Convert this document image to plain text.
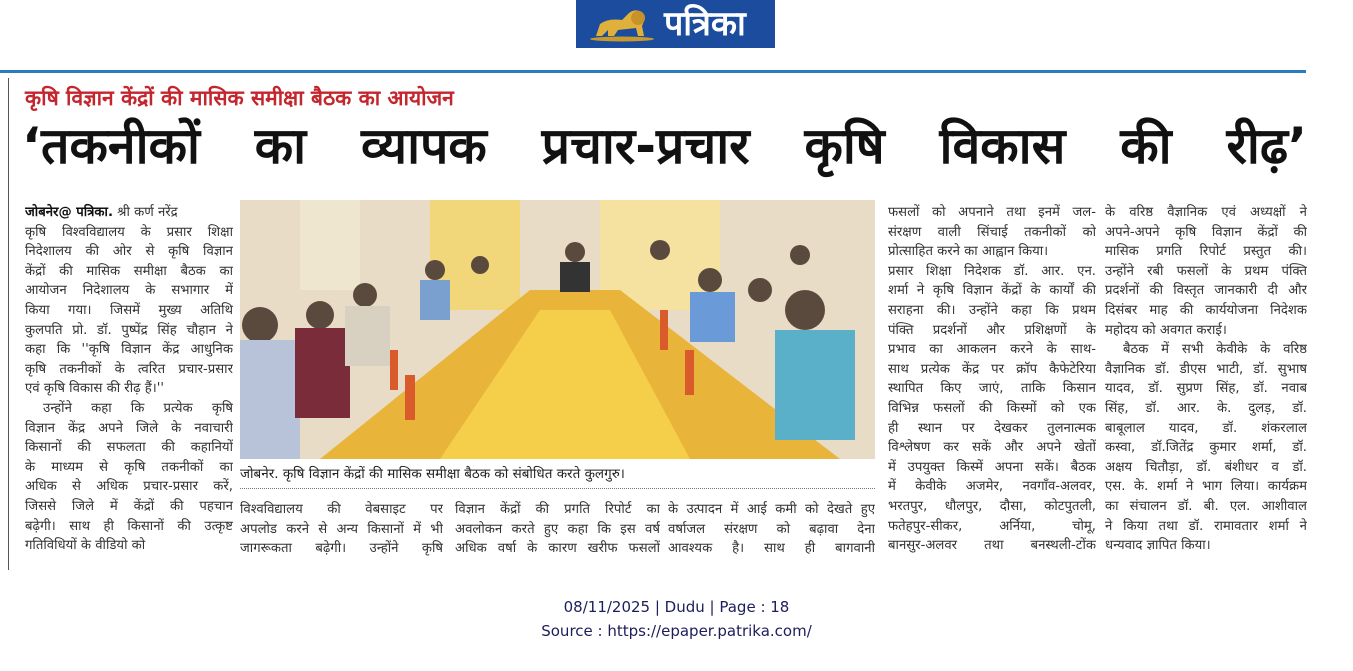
पत्रिका
कृषि विज्ञान केंद्रों की मासिक समीक्षा बैठक का आयोजन
‘तकनीकों का व्यापक प्रचार-प्रचार कृषि विकास की रीढ़’
जोबनेर@ पत्रिका. श्री कर्ण नरेंद्र
कृषि विश्वविद्यालय के प्रसार शिक्षा
निदेशालय की ओर से कृषि विज्ञान
केंद्रों की मासिक समीक्षा बैठक का
आयोजन निदेशालय के सभागार में
किया गया। जिसमें मुख्य अतिथि
कुलपति प्रो. डॉ. पुष्पेंद्र सिंह चौहान ने
कहा कि ''कृषि विज्ञान केंद्र आधुनिक
कृषि तकनीकों के त्वरित प्रचार-प्रसार
एवं कृषि विकास की रीढ़ हैं।''
उन्होंने कहा कि प्रत्येक कृषि
विज्ञान केंद्र अपने जिले के नवाचारी
किसानों की सफलता की कहानियों
के माध्यम से कृषि तकनीकों का
अधिक से अधिक प्रचार-प्रसार करें,
जिससे जिले में केंद्रों की पहचान
बढ़ेगी। साथ ही किसानों की उत्कृष्ट
गतिविधियों के वीडियो को
जोबनेर. कृषि विज्ञान केंद्रों की मासिक समीक्षा बैठक को संबोधित करते कुलगुरु।
विश्वविद्यालय की वेबसाइट पर
अपलोड करने से अन्य किसानों में भी
जागरूकता बढ़ेगी। उन्होंने कृषि
विज्ञान केंद्रों की प्रगति रिपोर्ट का
अवलोकन करते हुए कहा कि इस वर्ष
अधिक वर्षा के कारण खरीफ फसलों
के उत्पादन में आई कमी को देखते हुए
वर्षाजल संरक्षण को बढ़ावा देना
आवश्यक है। साथ ही बागवानी
फसलों को अपनाने तथा इनमें जल-
संरक्षण वाली सिंचाई तकनीकों को
प्रोत्साहित करने का आह्वान किया।
प्रसार शिक्षा निदेशक डॉ. आर. एन.
शर्मा ने कृषि विज्ञान केंद्रों के कार्यों की
सराहना की। उन्होंने कहा कि प्रथम
पंक्ति प्रदर्शनों और प्रशिक्षणों के
प्रभाव का आकलन करने के साथ-
साथ प्रत्येक केंद्र पर क्रॉप कैफेटेरिया
स्थापित किए जाएं, ताकि किसान
विभिन्न फसलों की किस्मों को एक
ही स्थान पर देखकर तुलनात्मक
विश्लेषण कर सकें और अपने खेतों
में उपयुक्त किस्में अपना सकें। बैठक
में केवीके अजमेर, नवगाँव-अलवर,
भरतपुर, धौलपुर, दौसा, कोटपुतली,
फतेहपुर-सीकर, अर्निया, चोमू,
बानसुर-अलवर तथा बनस्थली-टोंक
के वरिष्ठ वैज्ञानिक एवं अध्यक्षों ने
अपने-अपने कृषि विज्ञान केंद्रों की
मासिक प्रगति रिपोर्ट प्रस्तुत की।
उन्होंने रबी फसलों के प्रथम पंक्ति
प्रदर्शनों की विस्तृत जानकारी दी और
दिसंबर माह की कार्ययोजना निदेशक
महोदय को अवगत कराई।
बैठक में सभी केवीके के वरिष्ठ
वैज्ञानिक डॉ. डीएस भाटी, डॉ. सुभाष
यादव, डॉ. सुप्रण सिंह, डॉ. नवाब
सिंह, डॉ. आर. के. दुलड़, डॉ.
बाबूलाल यादव, डॉ. शंकरलाल
कस्वा, डॉ.जितेंद्र कुमार शर्मा, डॉ.
अक्षय चितौड़ा, डॉ. बंशीधर व डॉ.
एस. के. शर्मा ने भाग लिया। कार्यक्रम
का संचालन डॉ. बी. एल. आशीवाल
ने किया तथा डॉ. रामावतार शर्मा ने
धन्यवाद ज्ञापित किया।
08/11/2025 | Dudu | Page : 18
Source : https://epaper.patrika.com/
